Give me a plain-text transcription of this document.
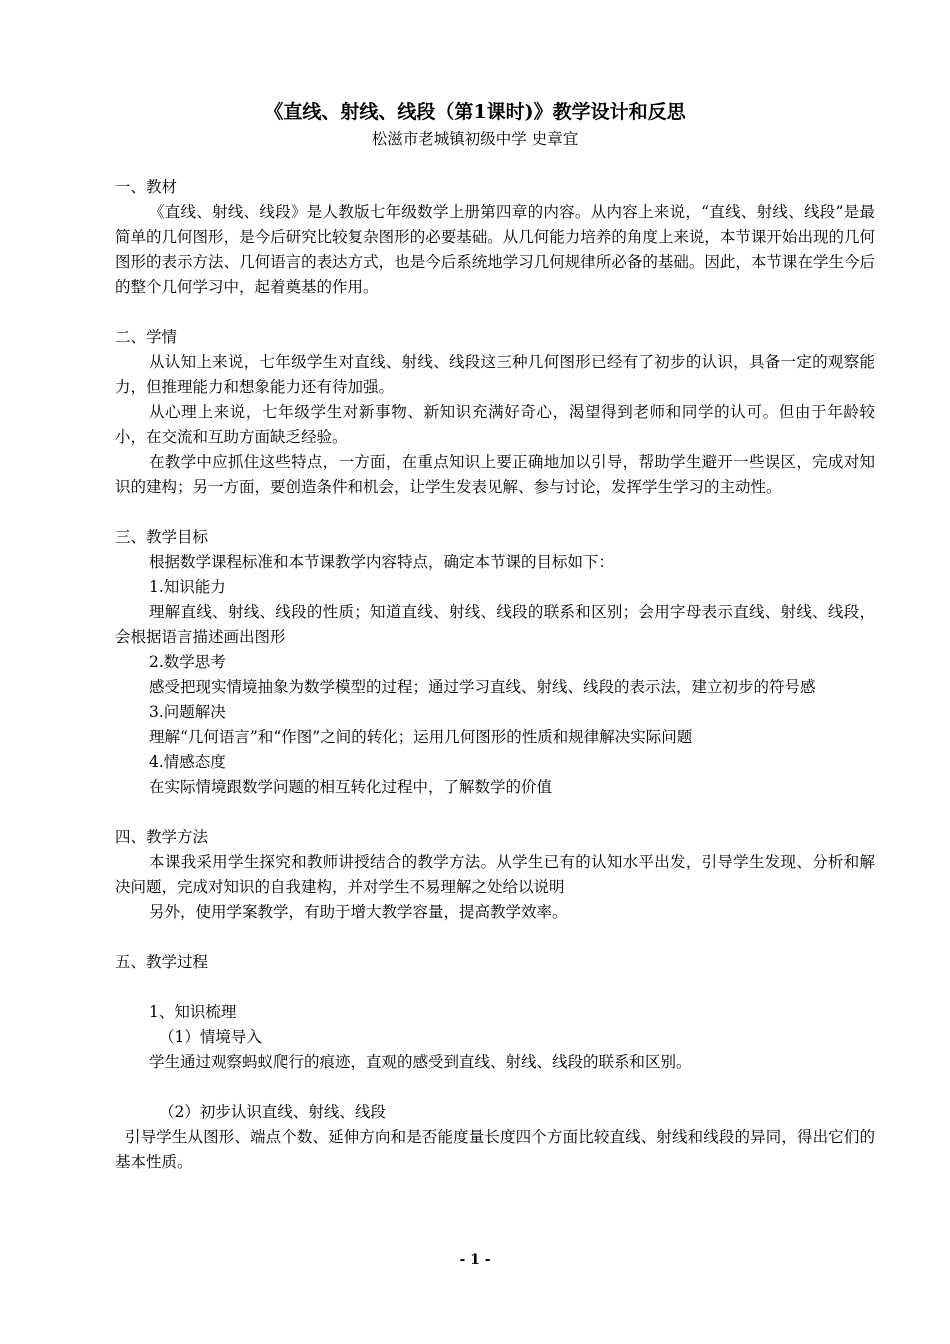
《直线、射线、线段（第1课时)》教学设计和反思
松滋市老城镇初级中学 史章宜

一、教材

《直线、射线、线段》是人教版七年级数学上册第四章的内容。从内容上来说，“直线、射线、线段”是最简单的几何图形，是今后研究比较复杂图形的必要基础。从几何能力培养的角度上来说，本节课开始出现的几何图形的表示方法、几何语言的表达方式，也是今后系统地学习几何规律所必备的基础。因此，本节课在学生今后的整个几何学习中，起着奠基的作用。

二、学情

从认知上来说，七年级学生对直线、射线、线段这三种几何图形已经有了初步的认识，具备一定的观察能力，但推理能力和想象能力还有待加强。

从心理上来说，七年级学生对新事物、新知识充满好奇心，渴望得到老师和同学的认可。但由于年龄较小，在交流和互助方面缺乏经验。

在教学中应抓住这些特点，一方面，在重点知识上要正确地加以引导，帮助学生避开一些误区，完成对知识的建构；另一方面，要创造条件和机会，让学生发表见解、参与讨论，发挥学生学习的主动性。

三、教学目标

根据数学课程标准和本节课教学内容特点，确定本节课的目标如下：

1.知识能力

理解直线、射线、线段的性质；知道直线、射线、线段的联系和区别；会用字母表示直线、射线、线段，会根据语言描述画出图形

2.数学思考

感受把现实情境抽象为数学模型的过程；通过学习直线、射线、线段的表示法，建立初步的符号感

3.问题解决

理解“几何语言”和“作图”之间的转化；运用几何图形的性质和规律解决实际问题

4.情感态度

在实际情境跟数学问题的相互转化过程中，了解数学的价值

四、教学方法

本课我采用学生探究和教师讲授结合的教学方法。从学生已有的认知水平出发，引导学生发现、分析和解决问题，完成对知识的自我建构，并对学生不易理解之处给以说明

另外，使用学案教学，有助于增大教学容量，提高教学效率。

五、教学过程

1、知识梳理

（1）情境导入

学生通过观察蚂蚁爬行的痕迹，直观的感受到直线、射线、线段的联系和区别。

（2）初步认识直线、射线、线段

引导学生从图形、端点个数、延伸方向和是否能度量长度四个方面比较直线、射线和线段的异同，得出它们的基本性质。

- 1 -
